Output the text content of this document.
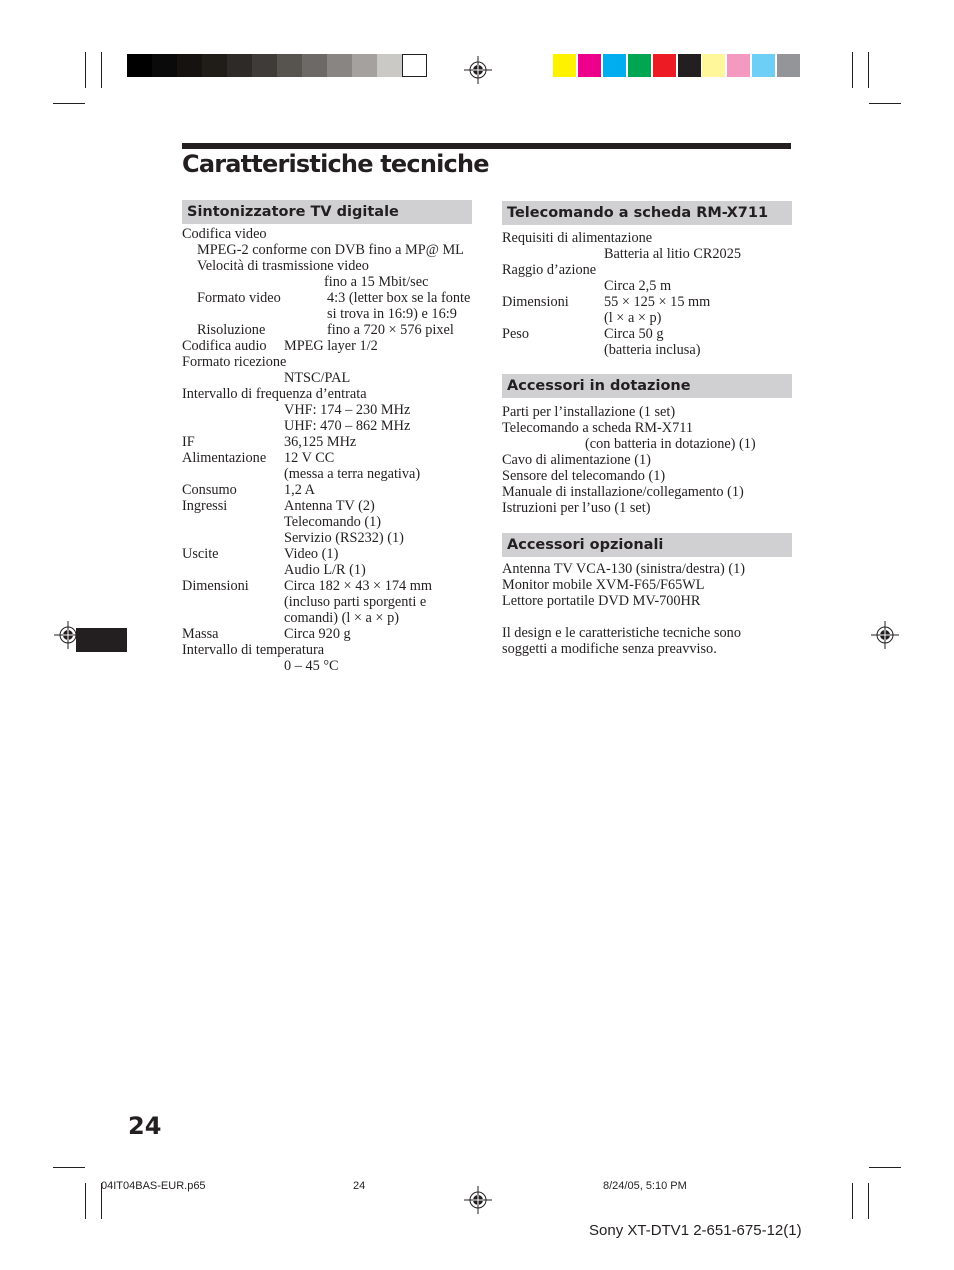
Caratteristiche tecniche
Sintonizzatore TV digitale
Codifica video
MPEG-2 conforme con DVB fino a MP@ ML
Velocità di trasmissione video
fino a 15 Mbit/sec
Formato video	4:3 (letter box se la fonte
si trova in 16:9) e 16:9
Risoluzione	fino a 720 × 576 pixel
Codifica audio MPEG layer 1/2
Formato ricezione
NTSC/PAL
Intervallo di frequenza d’entrata
VHF: 174 – 230 MHz
UHF: 470 – 862 MHz
IF	36,125 MHz
Alimentazione 12 V CC
(messa a terra negativa)
Consumo	1,2 A
Ingressi	Antenna TV (2)
Telecomando (1)
Servizio (RS232) (1)
Uscite	Video (1)
Audio L/R (1)
Dimensioni Circa 182 × 43 × 174 mm
(incluso parti sporgenti e
comandi) (l × a × p)
Massa	Circa 920 g
Intervallo di temperatura
0 – 45 °C
Telecomando a scheda RM-X711
Requisiti di alimentazione
Batteria al litio CR2025
Raggio d’azione
Circa 2,5 m
Dimensioni 55 × 125 × 15 mm
(l × a × p)
Peso	Circa 50 g
(batteria inclusa)
Accessori in dotazione
Parti per l’installazione (1 set)
Telecomando a scheda RM-X711
(con batteria in dotazione) (1)
Cavo di alimentazione (1)
Sensore del telecomando (1)
Manuale di installazione/collegamento (1)
Istruzioni per l’uso (1 set)
Accessori opzionali
Antenna TV VCA-130 (sinistra/destra) (1)
Monitor mobile XVM-F65/F65WL
Lettore portatile DVD MV-700HR
Il design e le caratteristiche tecniche sono
soggetti a modifiche senza preavviso.
24
04IT04BAS-EUR.p65	24	8/24/05, 5:10 PM
Sony XT-DTV1 2-651-675-12(1)
